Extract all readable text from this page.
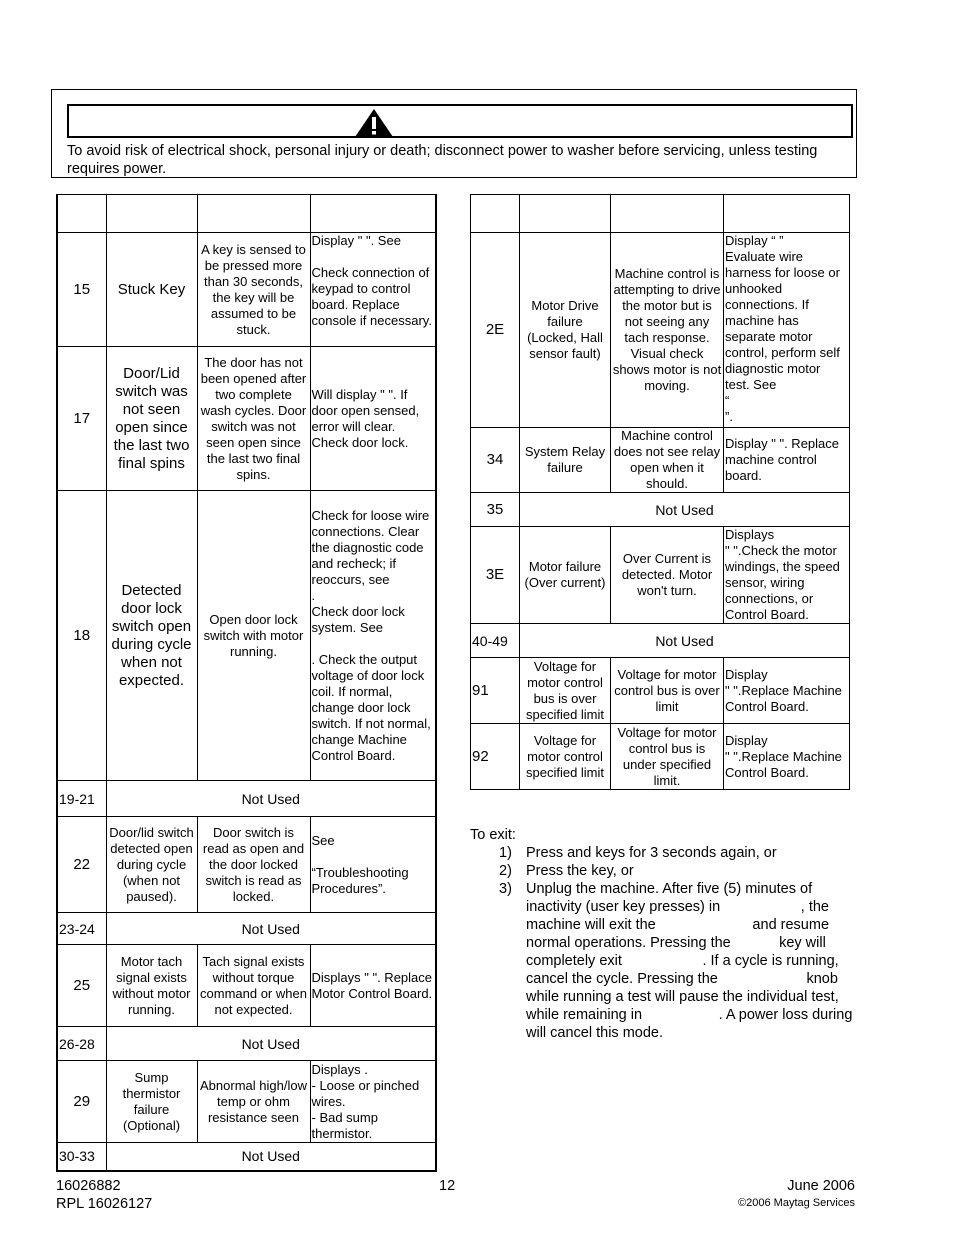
To avoid risk of electrical shock, personal injury or death; disconnect power to washer before servicing, unless testing requires power.

15	Stuck Key	A key is sensed to be pressed more than 30 seconds, the key will be assumed to be stuck.	Display " ". See

Check connection of keypad to control board. Replace console if necessary.

17	Door/Lid switch was not seen open since the last two final spins	The door has not been opened after two complete wash cycles. Door switch was not seen open since the last two final spins.	Will display " ". If door open sensed, error will clear. Check door lock.
18	Detected door lock switch open during cycle when not expected.	Open door lock switch with motor running.	Check for loose wire connections. Clear the diagnostic code and recheck; if reoccurs, see
.
Check door lock system. See

. Check the output voltage of door lock coil. If normal, change door lock switch. If not normal, change Machine Control Board.

19-21	Not Used		
22	Door/lid switch detected open during cycle (when not paused).	Door switch is read as open and the door locked switch is read as locked.	See

“Troubleshooting Procedures”.

23-24	Not Used		
25	Motor tach signal exists without motor running.	Tach signal exists without torque command or when not expected.	Displays " ". Replace Motor Control Board.
26-28	Not Used		
29	Sump thermistor failure (Optional)	Abnormal high/low temp or ohm resistance seen	Displays .
- Loose or pinched wires.
- Bad sump thermistor.

30-33	Not Used		

2E	Motor Drive failure (Locked, Hall sensor fault)	Machine control is attempting to drive the motor but is not seeing any tach response. Visual check shows motor is not moving.	Display “ ”
Evaluate wire harness for loose or unhooked connections. If machine has separate motor control, perform self diagnostic motor test. See
“
”.

34	System Relay failure	Machine control does not see relay open when it should.	Display " ". Replace machine control board.
35	Not Used		
3E	Motor failure (Over current)	Over Current is detected. Motor won't turn.	Displays
" ".Check the motor windings, the speed sensor, wiring connections, or Control Board.

40-49	Not Used		
91	Voltage for motor control bus is over specified limit	Voltage for motor control bus is over limit	Display
" ".Replace Machine Control Board.

92	Voltage for motor control specified limit	Voltage for motor control bus is under specified limit.	Display
" ".Replace Machine Control Board.
To exit:
1) Press and keys for 3 seconds again, or
2) Press the key, or
3) Unplug the machine. After five (5) minutes of inactivity (user key presses) in                    , the machine will exit the                        and resume normal operations. Pressing the            key will completely exit                    . If a cycle is running, cancel the cycle. Pressing the                      knob while running a test will pause the individual test, while remaining in                   . A power loss during             will cancel this mode.
16026882
RPL 16026127
12	June 2006
©2006 Maytag Services
